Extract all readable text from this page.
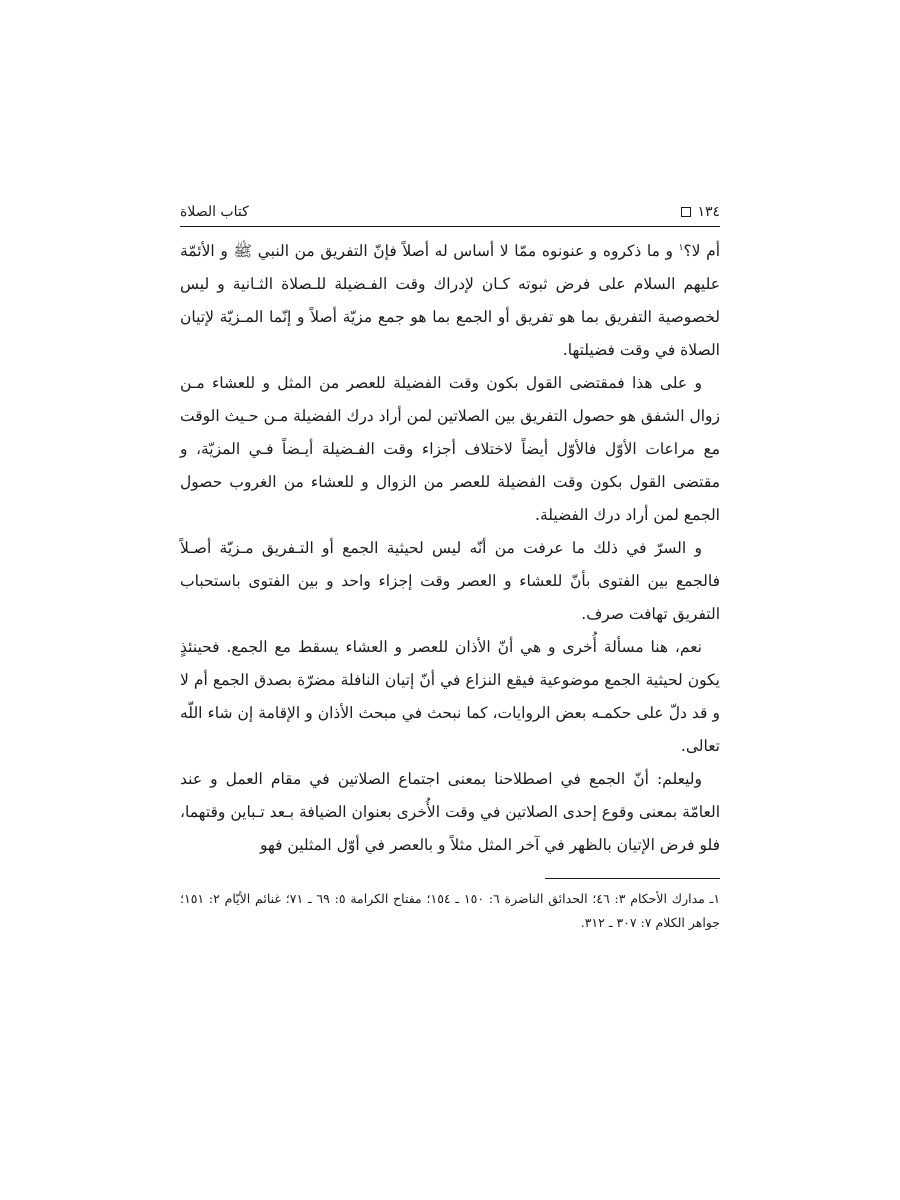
١٣٤
كتاب الصلاة

أم لا؟$^١$ و ما ذكروه و عنونوه ممّا لا أساس له أصلاً فإنّ التفريق من النبي ﷺ و الأئمّة عليهم السلام على فرض ثبوته كـان لإدراك وقت الفـضيلة للـصلاة الثـانية و ليس لخصوصية التفريق بما هو تفريق أو الجمع بما هو جمع مزيّة أصلاً و إنّما المـزيّة لإتيان الصلاة في وقت فضيلتها.

و على هذا فمقتضى القول بكون وقت الفضيلة للعصر من المثل و للعشاء مـن زوال الشفق هو حصول التفريق بين الصلاتين لمن أراد درك الفضيلة مـن حـيث الوقت مع مراعات الأوّل فالأوّل أيضاً لاختلاف أجزاء وقت الفـضيلة أيـضاً فـي المزيّة، و مقتضى القول بكون وقت الفضيلة للعصر من الزوال و للعشاء من الغروب حصول الجمع لمن أراد درك الفضيلة.

و السرّ في ذلك ما عرفت من أنّه ليس لحيثية الجمع أو التـفريق مـزيّة أصـلاً فالجمع بين الفتوى بأنّ للعشاء و العصر وقت إجزاء واحد و بين الفتوى باستحباب التفريق تهافت صرف.

نعم، هنا مسألة أُخرى و هي أنّ الأذان للعصر و العشاء يسقط مع الجمع. فحينئذٍ يكون لحيثية الجمع موضوعية فيقع النزاع في أنّ إتيان النافلة مضرّة بصدق الجمع أم لا و قد دلّ على حكمـه بعض الروايات، كما نبحث في مبحث الأذان و الإقامة إن شاء اللّه تعالى.

وليعلم: أنّ الجمع في اصطلاحنا بمعنى اجتماع الصلاتين في مقام العمل و عند العامّة بمعنى وقوع إحدى الصلاتين في وقت الأُخرى بعنوان الضيافة بـعد تـباين وقتهما، فلو فرض الإتيان بالظهر في آخر المثل مثلاً و بالعصر في أوّل المثلين فهو

١ـ مدارك الأحكام ٣: ٤٦؛ الحدائق الناضرة ٦: ١٥٠ ـ ١٥٤؛ مفتاح الكرامة ٥: ٦٩ ـ ٧١؛ غنائم الأيّام ٢: ١٥١؛ جواهر الكلام ٧: ٣٠٧ ـ ٣١٢.
